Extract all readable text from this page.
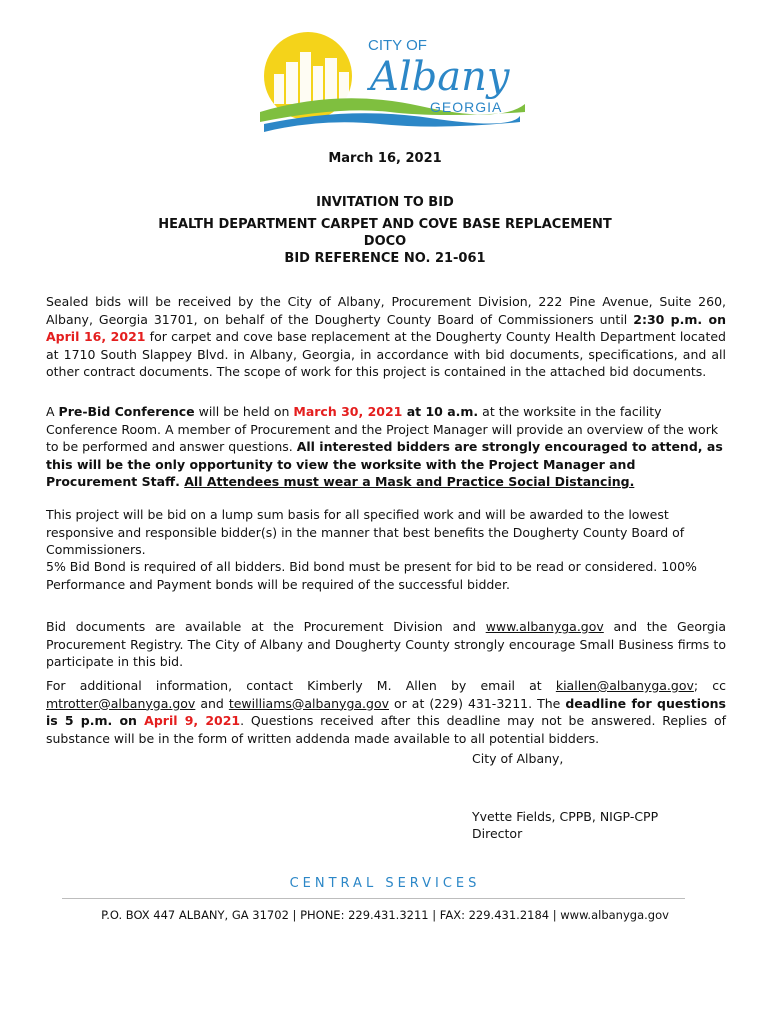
CITY OF
Albany
GEORGIA
March 16, 2021
INVITATION TO BID
HEALTH DEPARTMENT CARPET AND COVE BASE REPLACEMENT
DOCO
BID REFERENCE NO. 21-061

Sealed bids will be received by the City of Albany, Procurement Division, 222 Pine Avenue, Suite 260, Albany, Georgia 31701, on behalf of the Dougherty County Board of Commissioners until 2:30 p.m. on April 16, 2021 for carpet and cove base replacement at the Dougherty County Health Department located at 1710 South Slappey Blvd. in Albany, Georgia, in accordance with bid documents, specifications, and all other contract documents. The scope of work for this project is contained in the attached bid documents.

A Pre-Bid Conference will be held on March 30, 2021 at 10 a.m. at the worksite in the facility Conference Room. A member of Procurement and the Project Manager will provide an overview of the work to be performed and answer questions. All interested bidders are strongly encouraged to attend, as this will be the only opportunity to view the worksite with the Project Manager and Procurement Staff. All Attendees must wear a Mask and Practice Social Distancing.

This project will be bid on a lump sum basis for all specified work and will be awarded to the lowest responsive and responsible bidder(s) in the manner that best benefits the Dougherty County Board of Commissioners.

5% Bid Bond is required of all bidders. Bid bond must be present for bid to be read or considered. 100% Performance and Payment bonds will be required of the successful bidder.

Bid documents are available at the Procurement Division and www.albanyga.gov and the Georgia Procurement Registry. The City of Albany and Dougherty County strongly encourage Small Business firms to participate in this bid.

For additional information, contact Kimberly M. Allen by email at kiallen@albanyga.gov; cc mtrotter@albanyga.gov and tewilliams@albanyga.gov or at (229) 431-3211. The deadline for questions is 5 p.m. on April 9, 2021. Questions received after this deadline may not be answered. Replies of substance will be in the form of written addenda made available to all potential bidders.

City of Albany,
Yvette Fields, CPPB, NIGP-CPP
Director
CENTRAL SERVICES
P.O. BOX 447 ALBANY, GA 31702 | PHONE: 229.431.3211 | FAX: 229.431.2184 | www.albanyga.gov
